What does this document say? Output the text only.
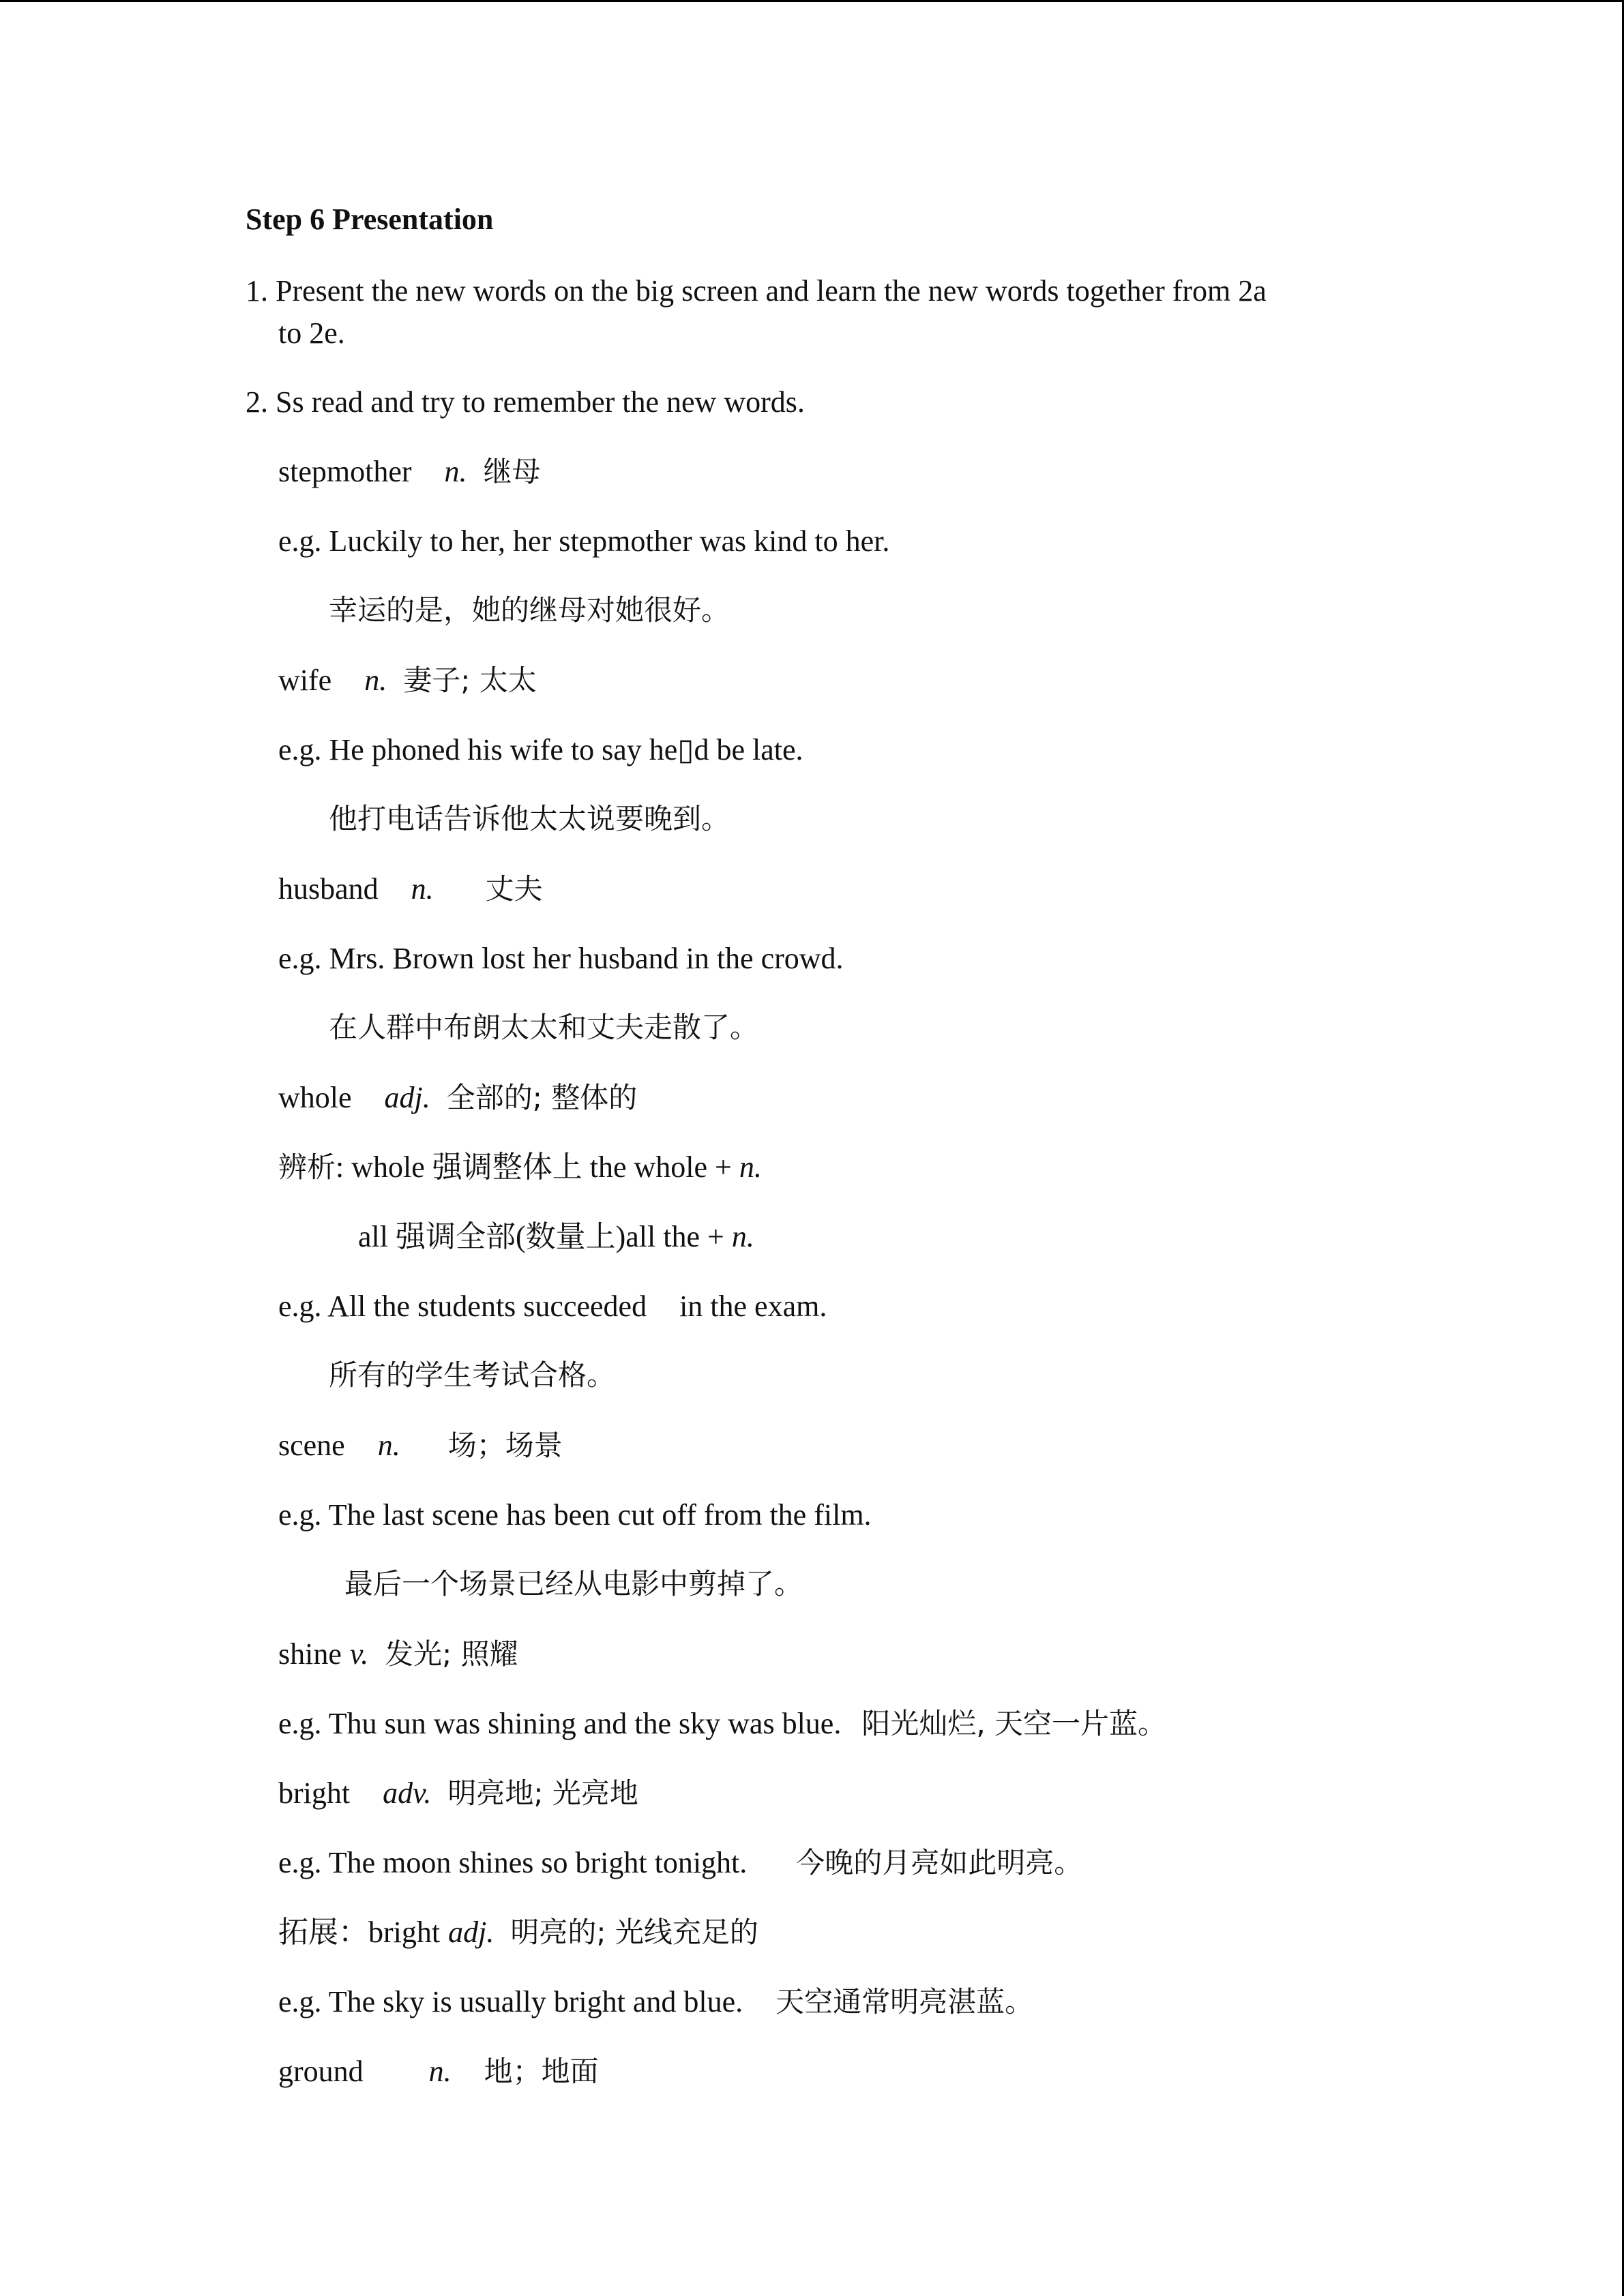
Step 6 Presentation
1. Present the new words on the big screen and learn the new words together from 2a
to 2e.
2. Ss read and try to remember the new words.
stepmother n. 继母
e.g. Luckily to her, her stepmother was kind to her.
幸运的是，她的继母对她很好。
wife n. 妻子; 太太
e.g. He phoned his wife to say he▯​d be late.
他打电话告诉他太太说要晚到。
husband n. 丈夫
e.g. Mrs. Brown lost her husband in the crowd.
在人群中布朗太太和丈夫走散了。
whole adj. 全部的; 整体的
辨析: whole 强调整体上 the whole + n.
all 强调全部(数量上)all the + n.
e.g. All the students succeeded in the exam.
所有的学生考试合格。
scene n. 场；场景
e.g. The last scene has been cut off from the film.
最后一个场景已经从电影中剪掉了。
shine v. 发光; 照耀
e.g. Thu sun was shining and the sky was blue. 阳光灿烂, 天空一片蓝。
bright adv. 明亮地; 光亮地
e.g. The moon shines so bright tonight. 今晚的月亮如此明亮。
拓展：bright adj. 明亮的; 光线充足的
e.g. The sky is usually bright and blue. 天空通常明亮湛蓝。
ground n. 地；地面
